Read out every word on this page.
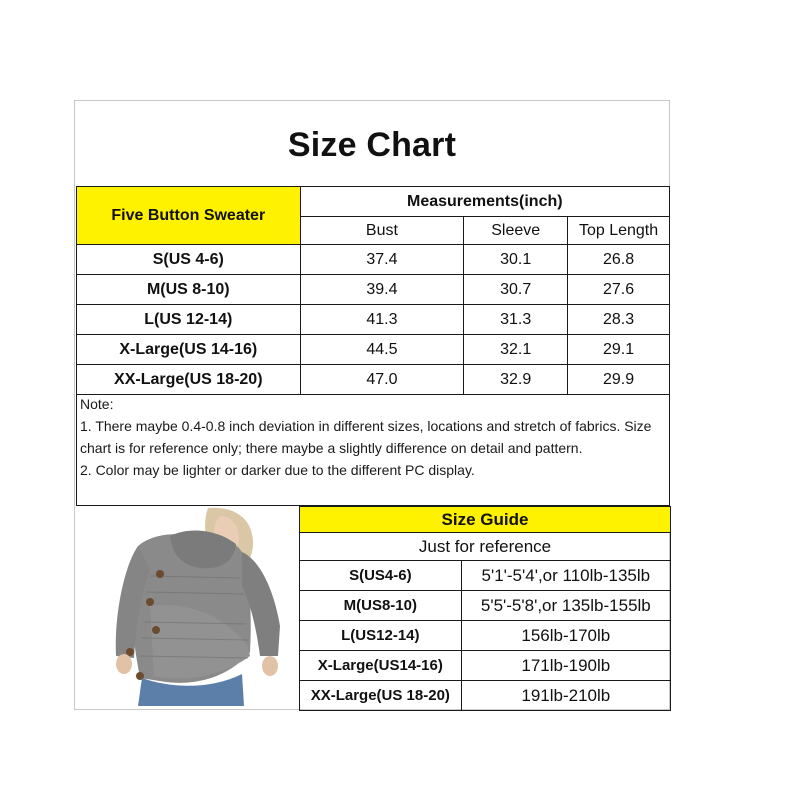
Size Chart
Five Button Sweater	Measurements(inch)		
	Bust	Sleeve	Top Length
S(US 4-6)	37.4	30.1	26.8
M(US 8-10)	39.4	30.7	27.6
L(US 12-14)	41.3	31.3	28.3
X-Large(US 14-16)	44.5	32.1	29.1
XX-Large(US 18-20)	47.0	32.9	29.9

Note:

1. There maybe 0.4-0.8 inch deviation in different sizes, locations and stretch of fabrics. Size chart is for reference only; there maybe a slightly difference on detail and pattern.

2. Color may be lighter or darker due to the different PC display.

Size Guide	
Just for reference	
S(US4-6)	5'1'-5'4',or 110lb-135lb
M(US8-10)	5'5'-5'8',or 135lb-155lb
L(US12-14)	156lb-170lb
X-Large(US14-16)	171lb-190lb
XX-Large(US 18-20)	191lb-210lb
